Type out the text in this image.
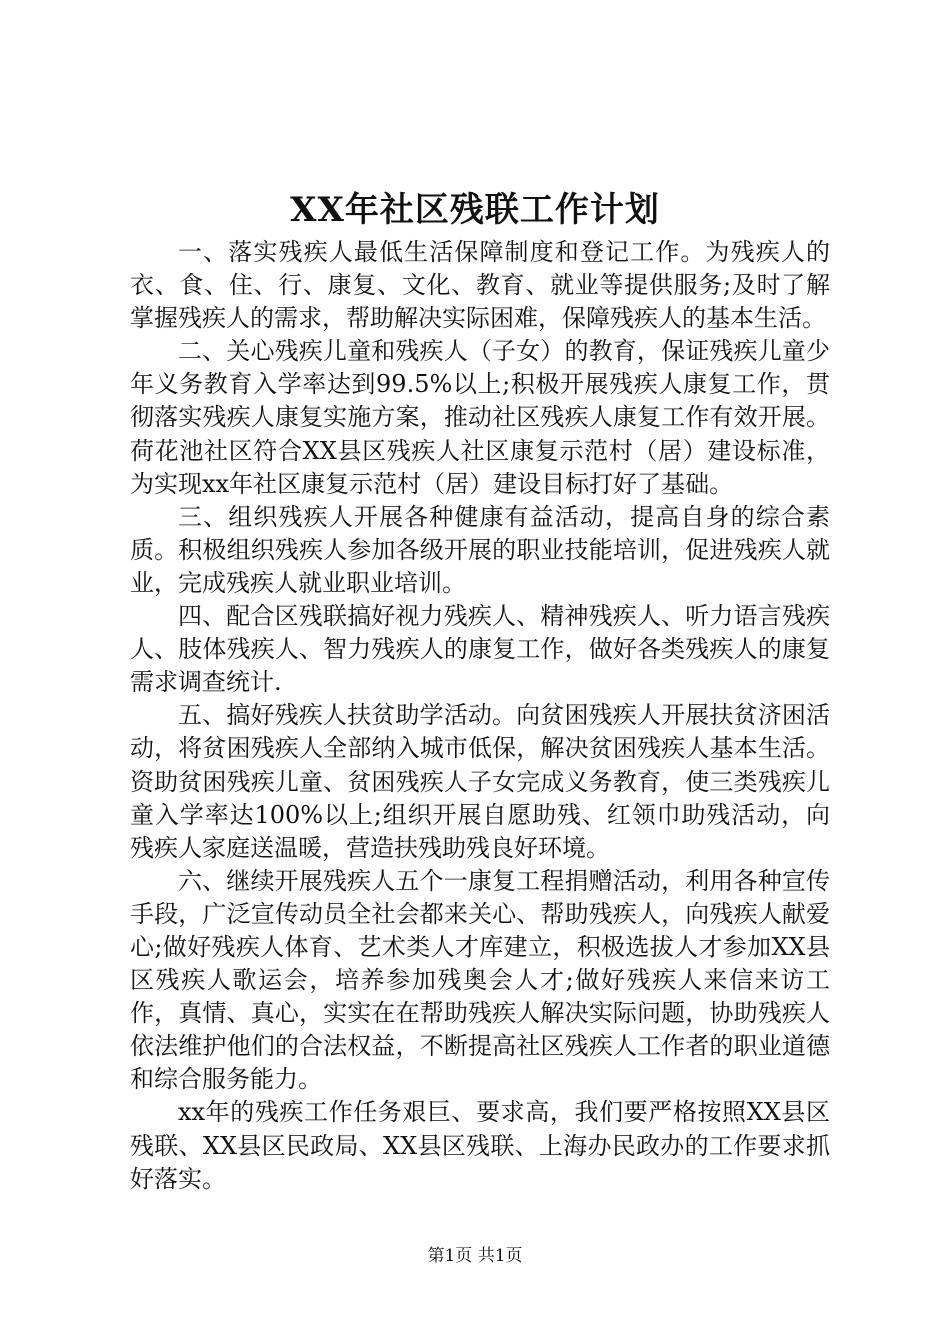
XX年社区残联工作计划

一、落实残疾人最低生活保障制度和登记工作。为残疾人的衣、食、住、行、康复、文化、教育、就业等提供服务;及时了解掌握残疾人的需求，帮助解决实际困难，保障残疾人的基本生活。

二、关心残疾儿童和残疾人（子女）的教育，保证残疾儿童少年义务教育入学率达到99.5%以上;积极开展残疾人康复工作，贯彻落实残疾人康复实施方案，推动社区残疾人康复工作有效开展。荷花池社区符合XX县区残疾人社区康复示范村（居）建设标准，为实现xx年社区康复示范村（居）建设目标打好了基础。

三、组织残疾人开展各种健康有益活动，提高自身的综合素质。积极组织残疾人参加各级开展的职业技能培训，促进残疾人就业，完成残疾人就业职业培训。

四、配合区残联搞好视力残疾人、精神残疾人、听力语言残疾人、肢体残疾人、智力残疾人的康复工作，做好各类残疾人的康复需求调查统计.

五、搞好残疾人扶贫助学活动。向贫困残疾人开展扶贫济困活动，将贫困残疾人全部纳入城市低保，解决贫困残疾人基本生活。资助贫困残疾儿童、贫困残疾人子女完成义务教育，使三类残疾儿童入学率达100%以上;组织开展自愿助残、红领巾助残活动，向残疾人家庭送温暖，营造扶残助残良好环境。

六、继续开展残疾人五个一康复工程捐赠活动，利用各种宣传手段，广泛宣传动员全社会都来关心、帮助残疾人，向残疾人献爱心;做好残疾人体育、艺术类人才库建立，积极选拔人才参加XX县区残疾人歌运会，培养参加残奥会人才;做好残疾人来信来访工作，真情、真心，实实在在帮助残疾人解决实际问题，协助残疾人依法维护他们的合法权益，不断提高社区残疾人工作者的职业道德和综合服务能力。

xx年的残疾工作任务艰巨、要求高，我们要严格按照XX县区残联、XX县区民政局、XX县区残联、上海办民政办的工作要求抓好落实。

第1页 共1页
